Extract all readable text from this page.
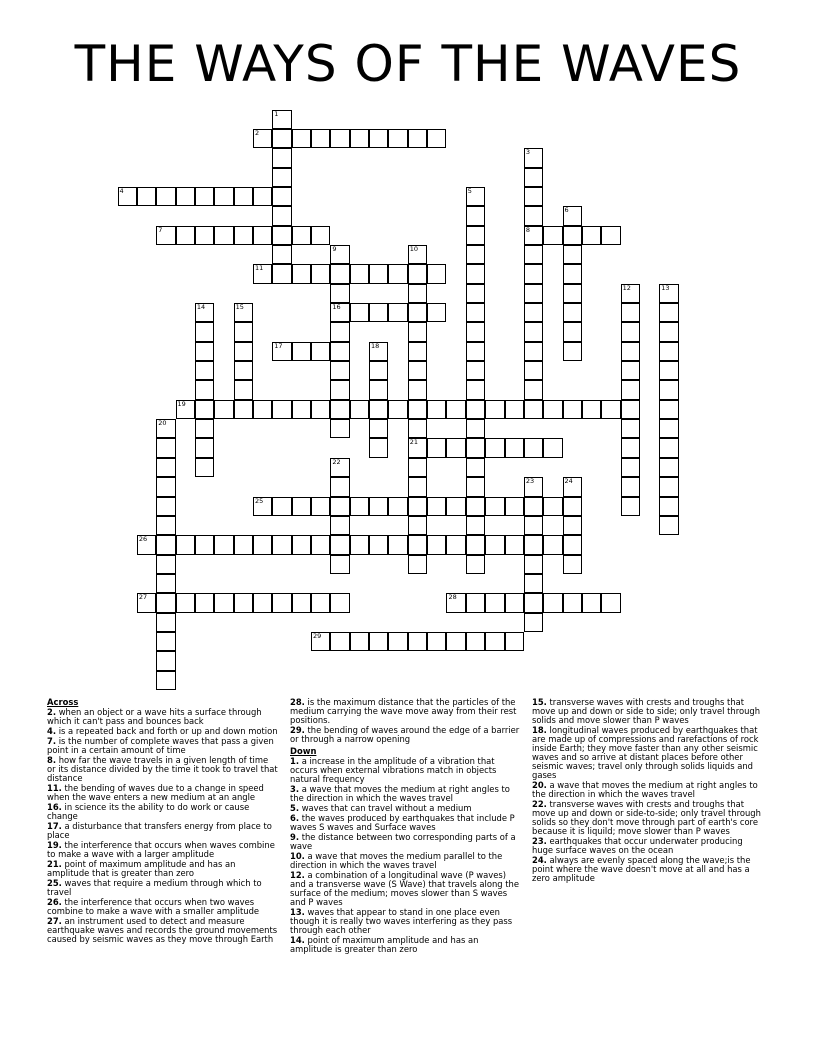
THE WAYS OF THE WAVES
1
2
3
8
4	5
6
7
9
16
10
21
11
12	13
14	15
17	18
19
20
22
23	24
25
26
27	28
29
Across

2. when an object or a wave hits a surface through which it can't pass and bounces back

4. is a repeated back and forth or up and down motion

7. is the number of complete waves that pass a given point in a certain amount of time

8. how far the wave travels in a given length of time or its distance divided by the time it took to travel that distance

11. the bending of waves due to a change in speed when the wave enters a new medium at an angle

16. in science its the ability to do work or cause change

17. a disturbance that transfers energy from place to place

19. the interference that occurs when waves combine to make a wave with a larger amplitude

21. point of maximum amplitude and has an amplitude that is greater than zero

25. waves that require a medium through which to travel

26. the interference that occurs when two waves combine to make a wave with a smaller amplitude

27. an instrument used to detect and measure earthquake waves and records the ground movements caused by seismic waves as they move through Earth

28. is the maximum distance that the particles of the medium carrying the wave move away from their rest positions.

29. the bending of waves around the edge of a barrier or through a narrow opening

Down

1. a increase in the amplitude of a vibration that occurs when external vibrations match in objects natural frequency

3. a wave that moves the medium at right angles to the direction in which the waves travel

5. waves that can travel without a medium

6. the waves produced by earthquakes that include P waves S waves and Surface waves

9. the distance between two corresponding parts of a wave

10. a wave that moves the medium parallel to the direction in which the waves travel

12. a combination of a longitudinal wave (P waves) and a transverse wave (S Wave) that travels along the surface of the medium; moves slower than S waves and P waves

13. waves that appear to stand in one place even though it is really two waves interfering as they pass through each other

14. point of maximum amplitude and has an amplitude is greater than zero

15. transverse waves with crests and troughs that move up and down or side to side; only travel through solids and move slower than P waves

18. longitudinal waves produced by earthquakes that are made up of compressions and rarefactions of rock inside Earth; they move faster than any other seismic waves and so arrive at distant places before other seismic waves; travel only through solids liquids and gases

20. a wave that moves the medium at right angles to the direction in which the waves travel

22. transverse waves with crests and troughs that move up and down or side-to-side; only travel through solids so they don't move through part of earth's core because it is liquild; move slower than P waves

23. earthquakes that occur underwater producing huge surface waves on the ocean

24. always are evenly spaced along the wave;is the point where the wave doesn't move at all and has a zero amplitude
